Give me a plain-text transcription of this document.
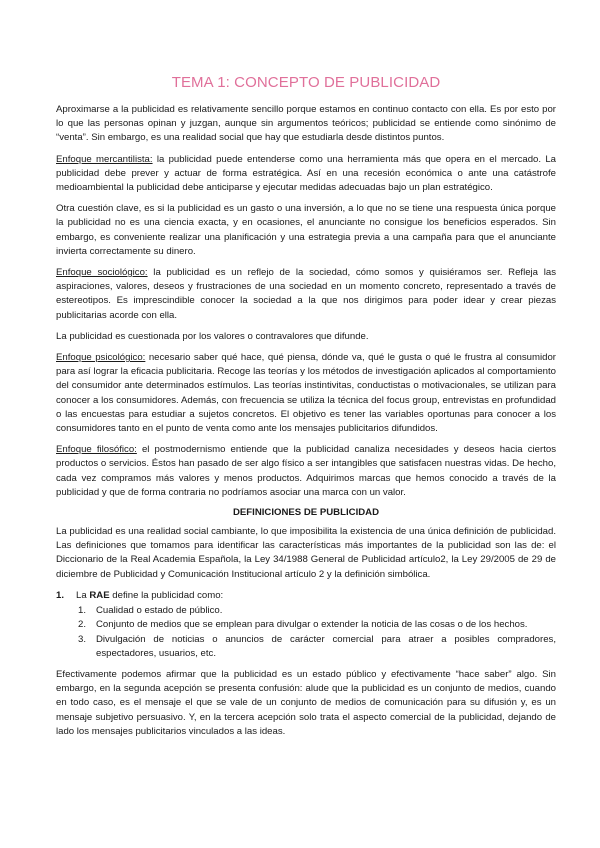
TEMA 1: CONCEPTO DE PUBLICIDAD

Aproximarse a la publicidad es relativamente sencillo porque estamos en continuo contacto con ella. Es por esto por lo que las personas opinan y juzgan, aunque sin argumentos teóricos; publicidad se entiende como sinónimo de “venta”. Sin embargo, es una realidad social que hay que estudiarla desde distintos puntos.

Enfoque mercantilista: la publicidad puede entenderse como una herramienta más que opera en el mercado. La publicidad debe prever y actuar de forma estratégica. Así en una recesión económica o ante una catástrofe medioambiental la publicidad debe anticiparse y ejecutar medidas adecuadas bajo un plan estratégico.

Otra cuestión clave, es si la publicidad es un gasto o una inversión, a lo que no se tiene una respuesta única porque la publicidad no es una ciencia exacta, y en ocasiones, el anunciante no consigue los beneficios esperados. Sin embargo, es conveniente realizar una planificación y una estrategia previa a una campaña para que el anunciante invierta correctamente su dinero.

Enfoque sociológico: la publicidad es un reflejo de la sociedad, cómo somos y quisiéramos ser. Refleja las aspiraciones, valores, deseos y frustraciones de una sociedad en un momento concreto, representado a través de estereotipos. Es imprescindible conocer la sociedad a la que nos dirigimos para poder idear y crear piezas publicitarias acorde con ella.

La publicidad es cuestionada por los valores o contravalores que difunde.

Enfoque psicológico: necesario saber qué hace, qué piensa, dónde va, qué le gusta o qué le frustra al consumidor para así lograr la eficacia publicitaria. Recoge las teorías y los métodos de investigación aplicados al comportamiento del consumidor ante determinados estímulos. Las teorías instintivitas, conductistas o motivacionales, se utilizan para conocer a los consumidores. Además, con frecuencia se utiliza la técnica del focus group, entrevistas en profundidad o las encuestas para estudiar a sujetos concretos. El objetivo es tener las variables oportunas para conocer a los consumidores tanto en el punto de venta como ante los mensajes publicitarios difundidos.

Enfoque filosófico: el postmodernismo entiende que la publicidad canaliza necesidades y deseos hacia ciertos productos o servicios. Éstos han pasado de ser algo físico a ser intangibles que satisfacen nuestras vidas. De hecho, cada vez compramos más valores y menos productos. Adquirimos marcas que hemos conocido a través de la publicidad y que de forma contraria no podríamos asociar una marca con un valor.

DEFINICIONES DE PUBLICIDAD

La publicidad es una realidad social cambiante, lo que imposibilita la existencia de una única definición de publicidad. Las definiciones que tomamos para identificar las características más importantes de la publicidad son las de: el Diccionario de la Real Academia Española, la Ley 34/1988 General de Publicidad artículo2, la Ley 29/2005 de 29 de diciembre de Publicidad y Comunicación Institucional artículo 2 y la definición simbólica.

1.	La RAE define la publicidad como:
1.	Cualidad o estado de público.
2.	Conjunto de medios que se emplean para divulgar o extender la noticia de las cosas o de los hechos.
3.	Divulgación de noticias o anuncios de carácter comercial para atraer a posibles compradores, espectadores, usuarios, etc.

Efectivamente podemos afirmar que la publicidad es un estado público y efectivamente “hace saber” algo. Sin embargo, en la segunda acepción se presenta confusión: alude que la publicidad es un conjunto de medios, cuando en todo caso, es el mensaje el que se vale de un conjunto de medios de comunicación para su difusión y, es un mensaje subjetivo persuasivo. Y, en la tercera acepción solo trata el aspecto comercial de la publicidad, dejando de lado los mensajes publicitarios vinculados a las ideas.
